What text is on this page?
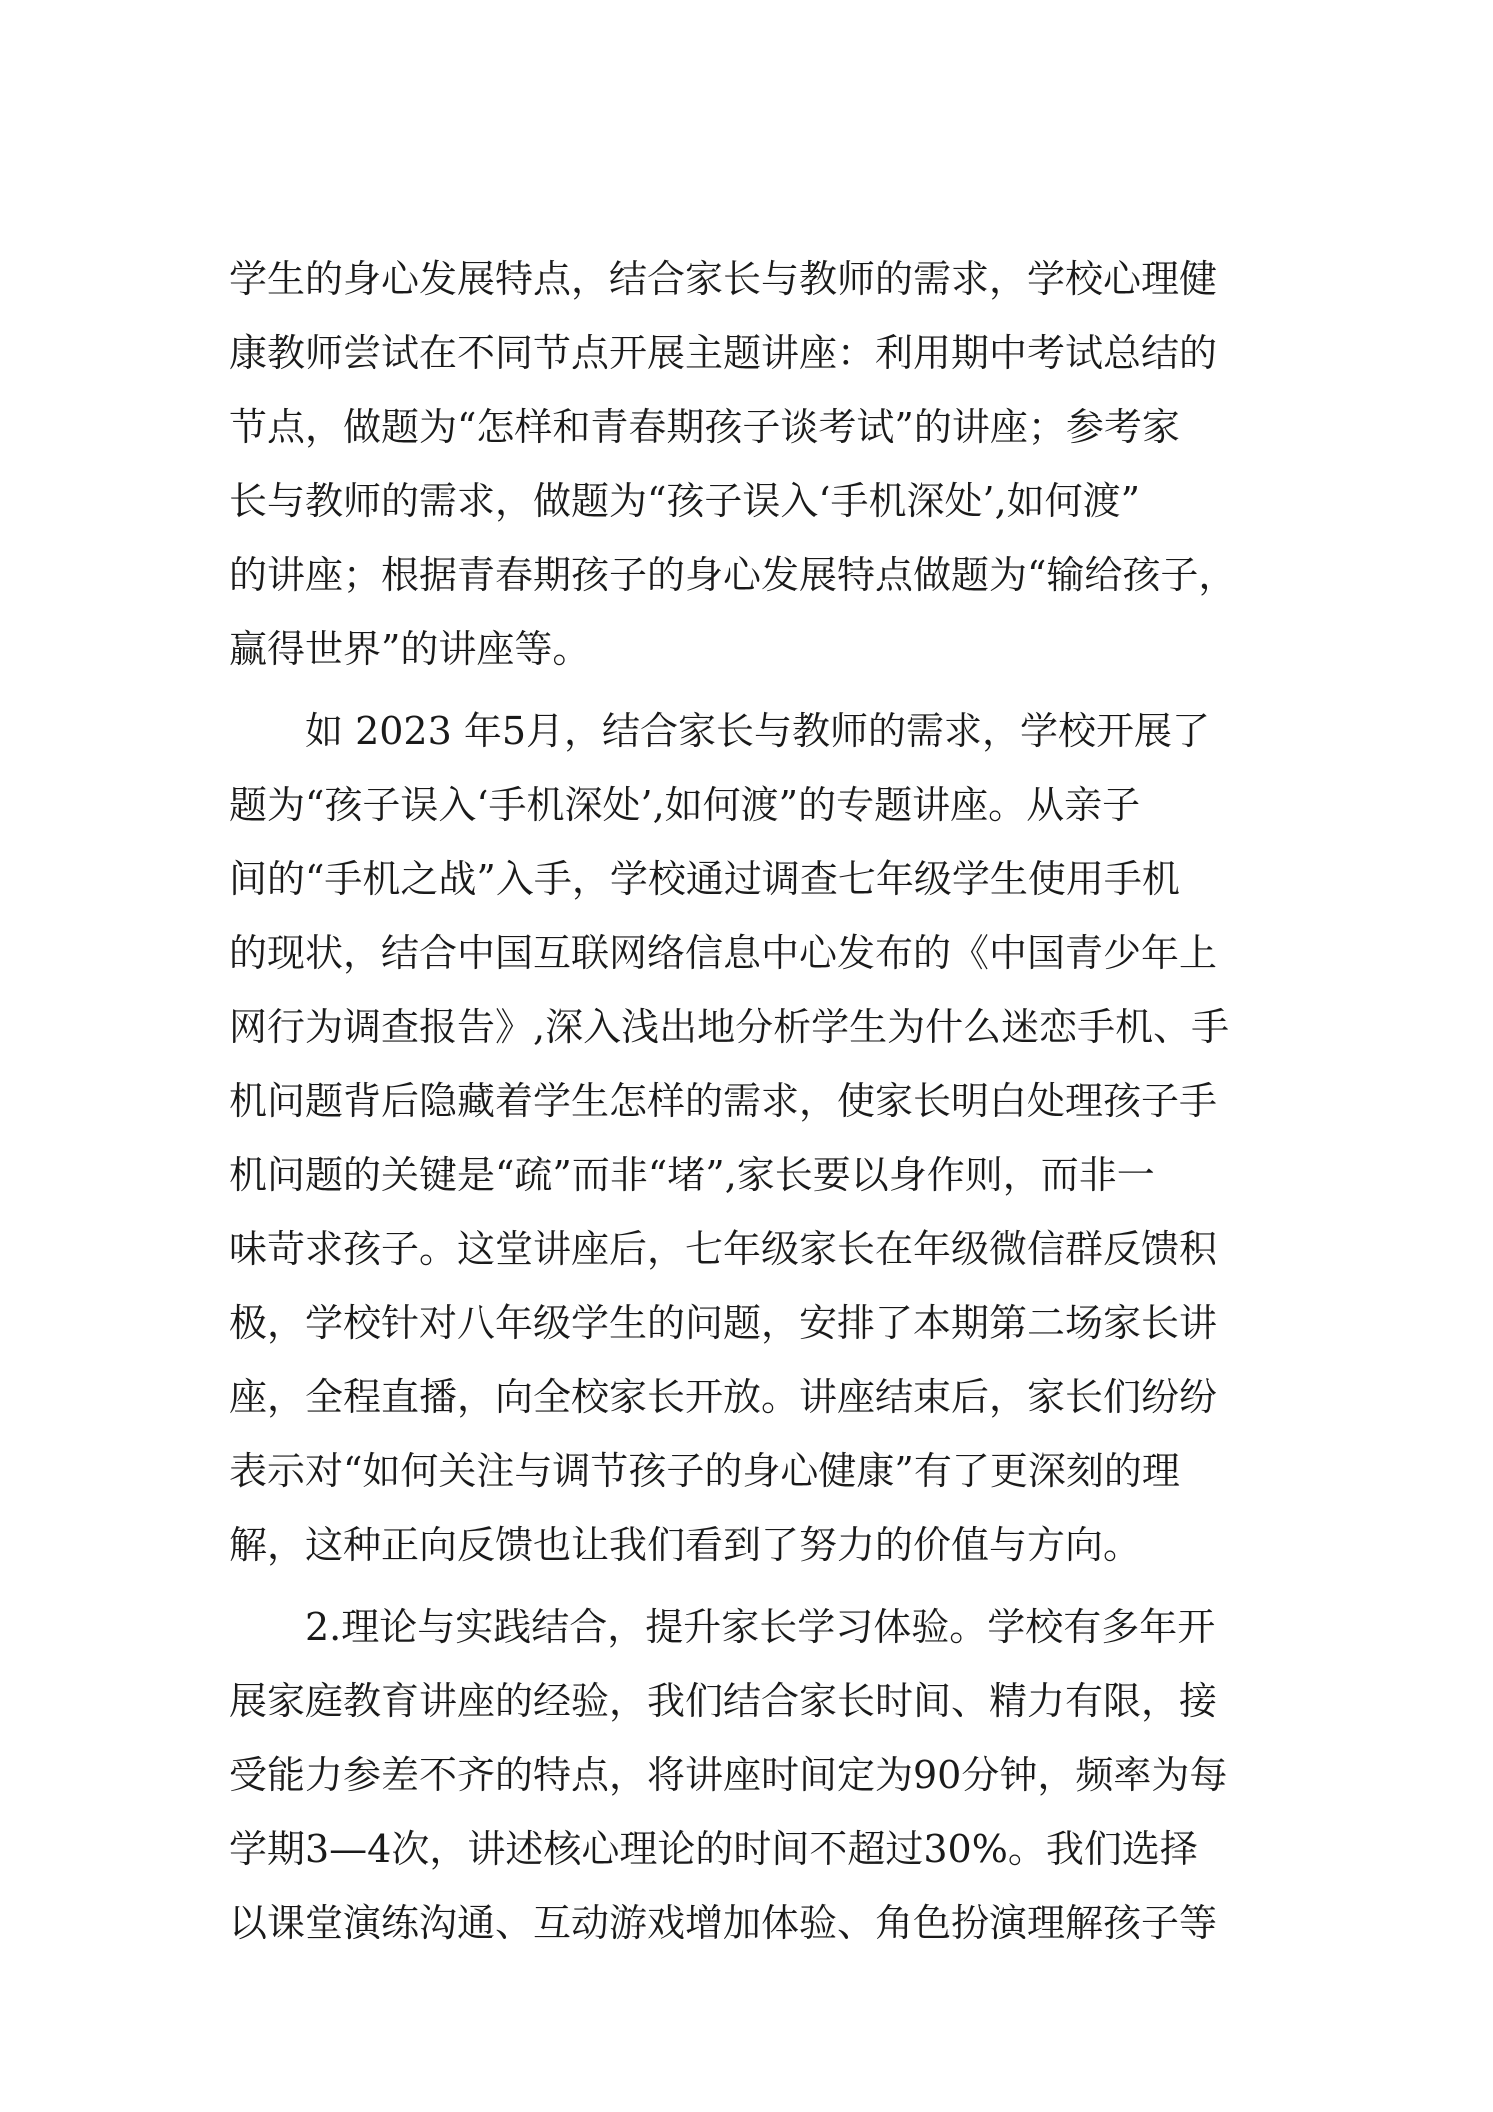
学生的身心发展特点，结合家长与教师的需求，学校心理健
康教师尝试在不同节点开展主题讲座：利用期中考试总结的
节点，做题为“怎样和青春期孩子谈考试”的讲座；参考家
长与教师的需求，做题为“孩子误入‘手机深处’,如何渡”
的讲座；根据青春期孩子的身心发展特点做题为“输给孩子，
赢得世界”的讲座等。
如 2023 年5月，结合家长与教师的需求，学校开展了
题为“孩子误入‘手机深处’,如何渡”的专题讲座。从亲子
间的“手机之战”入手，学校通过调查七年级学生使用手机
的现状，结合中国互联网络信息中心发布的《中国青少年上
网行为调查报告》,深入浅出地分析学生为什么迷恋手机、手
机问题背后隐藏着学生怎样的需求，使家长明白处理孩子手
机问题的关键是“疏”而非“堵”,家长要以身作则，而非一
味苛求孩子。这堂讲座后，七年级家长在年级微信群反馈积
极，学校针对八年级学生的问题，安排了本期第二场家长讲
座，全程直播，向全校家长开放。讲座结束后，家长们纷纷
表示对“如何关注与调节孩子的身心健康”有了更深刻的理
解，这种正向反馈也让我们看到了努力的价值与方向。
2.理论与实践结合，提升家长学习体验。学校有多年开
展家庭教育讲座的经验，我们结合家长时间、精力有限，接
受能力参差不齐的特点，将讲座时间定为90分钟，频率为每
学期3—4次，讲述核心理论的时间不超过30%。我们选择
以课堂演练沟通、互动游戏增加体验、角色扮演理解孩子等
